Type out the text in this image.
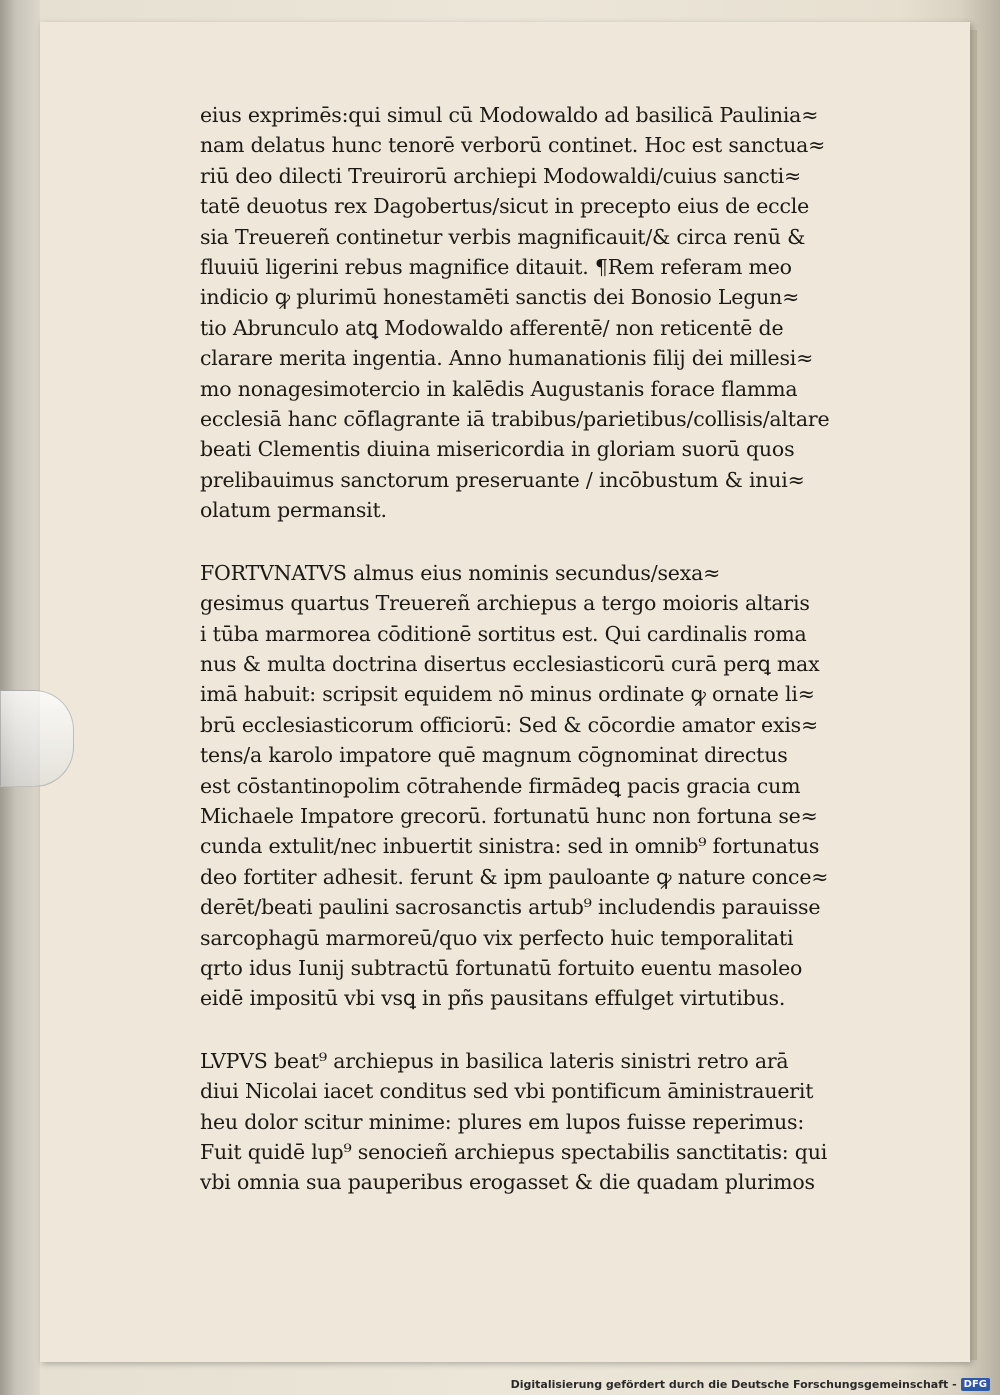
eius exprimēs:qui simul cū Modowaldo ad basilicā Paulinia≈
nam delatus hunc tenorē verborū continet. Hoc est sanctua≈
riū deo dilecti Treuirorū archiepi Modowaldi/cuius sancti≈
tatē deuotus rex Dagobertus/sicut in precepto eius de eccle
sia Treuereñ continetur verbis magnificauit/& circa renū &
fluuiū ligerini rebus magnifice ditauit. ¶Rem referam meo
indicio ꝙ plurimū honestamēti sanctis dei Bonosio Legun≈
tio Abrunculo atꝗ Modowaldo afferentē/ non reticentē de
clarare merita ingentia. Anno humanationis filij dei millesi≈
mo nonagesimotercio in kalēdis Augustanis forace flamma
ecclesiā hanc cōflagrante iā trabibus/parietibus/collisis/altare
beati Clementis diuina misericordia in gloriam suorū quos
prelibauimus sanctorum preseruante / incōbustum & inui≈
olatum permansit.

FORTVNATVS almus eius nominis secundus/sexa≈
gesimus quartus Treuereñ archiepus a tergo moioris altaris
i tūba marmorea cōditionē sortitus est. Qui cardinalis roma
nus & multa doctrina disertus ecclesiasticorū curā perꝗ max
imā habuit: scripsit equidem nō minus ordinate ꝙ ornate li≈
brū ecclesiasticorum officiorū: Sed & cōcordie amator exis≈
tens/a karolo impatore quē magnum cōgnominat directus
est cōstantinopolim cōtrahende firmādeꝗ pacis gracia cum
Michaele Impatore grecorū. fortunatū hunc non fortuna se≈
cunda extulit/nec inbuertit sinistra: sed in omnib⁹ fortunatus
deo fortiter adhesit. ferunt & ipm pauloante ꝙ nature conce≈
derēt/beati paulini sacrosanctis artub⁹ includendis parauisse
sarcophagū marmoreū/quo vix perfecto huic temporalitati
qrto idus Iunij subtractū fortunatū fortuito euentu masoleo
eidē impositū vbi vsꝗ in pñs pausitans effulget virtutibus.

LVPVS beat⁹ archiepus in basilica lateris sinistri retro arā
diui Nicolai iacet conditus sed vbi pontificum āministrauerit
heu dolor scitur minime: plures em lupos fuisse reperimus:
Fuit quidē lup⁹ senocieñ archiepus spectabilis sanctitatis: qui
vbi omnia sua pauperibus erogasset & die quadam plurimos

Digitalisierung gefördert durch die Deutsche Forschungsgemeinschaft - DFG
